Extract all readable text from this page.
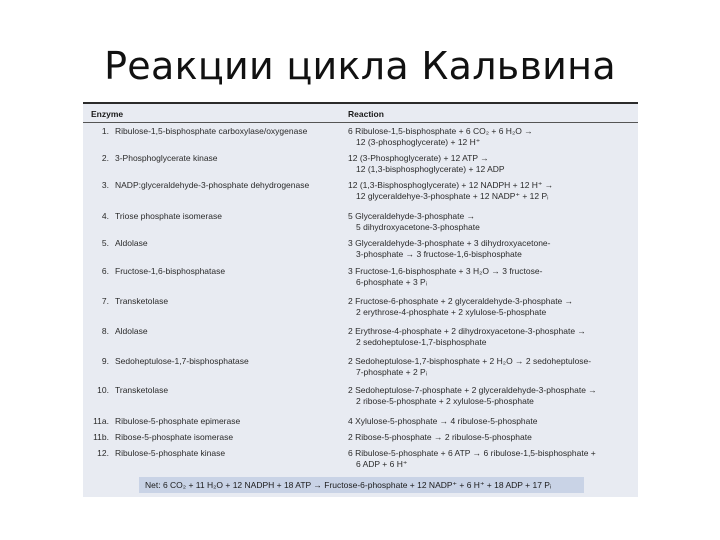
Реакции цикла Кальвина
Enzyme	Reaction
1. Ribulose-1,5-bisphosphate carboxylase/oxygenase	6 Ribulose-1,5-bisphosphate + 6 CO₂ + 6 H₂O →
12 (3-phosphoglycerate) + 12 H⁺
2. 3-Phosphoglycerate kinase	12 (3-Phosphoglycerate) + 12 ATP →
12 (1,3-bisphosphoglycerate) + 12 ADP
3. NADP:glyceraldehyde-3-phosphate dehydrogenase	12 (1,3-Bisphosphoglycerate) + 12 NADPH + 12 H⁺ →
12 glyceraldehye-3-phosphate + 12 NADP⁺ + 12 Pᵢ
4. Triose phosphate isomerase	5 Glyceraldehyde-3-phosphate →
5 dihydroxyacetone-3-phosphate
5. Aldolase	3 Glyceraldehyde-3-phosphate + 3 dihydroxyacetone-
3-phosphate → 3 fructose-1,6-bisphosphate
6. Fructose-1,6-bisphosphatase	3 Fructose-1,6-bisphosphate + 3 H₂O → 3 fructose-
6-phosphate + 3 Pᵢ
7. Transketolase	2 Fructose-6-phosphate + 2 glyceraldehyde-3-phosphate →
2 erythrose-4-phosphate + 2 xylulose-5-phosphate
8. Aldolase	2 Erythrose-4-phosphate + 2 dihydroxyacetone-3-phosphate →
2 sedoheptulose-1,7-bisphosphate
9. Sedoheptulose-1,7-bisphosphatase	2 Sedoheptulose-1,7-bisphosphate + 2 H₂O → 2 sedoheptulose-
7-phosphate + 2 Pᵢ
10. Transketolase	2 Sedoheptulose-7-phosphate + 2 glyceraldehyde-3-phosphate →
2 ribose-5-phosphate + 2 xylulose-5-phosphate
11a. Ribulose-5-phosphate epimerase	4 Xylulose-5-phosphate → 4 ribulose-5-phosphate
11b. Ribose-5-phosphate isomerase	2 Ribose-5-phosphate → 2 ribulose-5-phosphate
12. Ribulose-5-phosphate kinase	6 Ribulose-5-phosphate + 6 ATP → 6 ribulose-1,5-bisphosphate +
6 ADP + 6 H⁺
Net: 6 CO₂ + 11 H₂O + 12 NADPH + 18 ATP → Fructose-6-phosphate + 12 NADP⁺ + 6 H⁺ + 18 ADP + 17 Pᵢ
